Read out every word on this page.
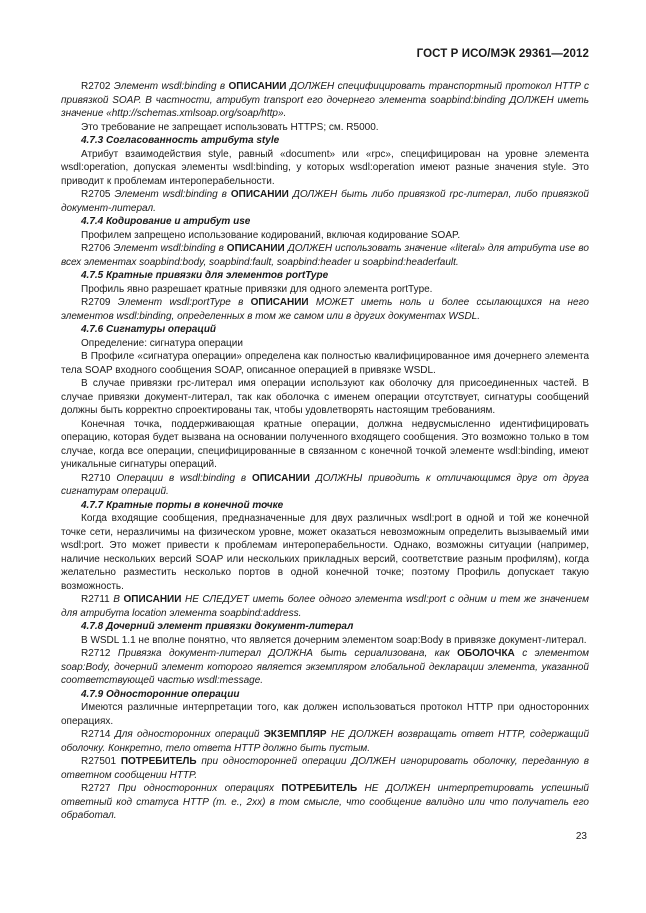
ГОСТ Р ИСО/МЭК 29361—2012
R2702 Элемент wsdl:binding в ОПИСАНИИ ДОЛЖЕН специфицировать транспортный протокол HTTP с привязкой SOAP. В частности, атрибут transport его дочернего элемента soapbind:binding ДОЛЖЕН иметь значение «http://schemas.xmlsoap.org/soap/http».
Это требование не запрещает использовать HTTPS; см. R5000.
4.7.3 Согласованность атрибута style
Атрибут взаимодействия style, равный «document» или «rpc», специфицирован на уровне элемента wsdl:operation, допуская элементы wsdl:binding, у которых wsdl:operation имеют разные значения style. Это приводит к проблемам интероперабельности.
R2705 Элемент wsdl:binding в ОПИСАНИИ ДОЛЖЕН быть либо привязкой rpc-литерал, либо привязкой документ-литерал.
4.7.4 Кодирование и атрибут use
Профилем запрещено использование кодирований, включая кодирование SOAP.
R2706 Элемент wsdl:binding в ОПИСАНИИ ДОЛЖЕН использовать значение «literal» для атрибута use во всех элементах soapbind:body, soapbind:fault, soapbind:header и soapbind:headerfault.
4.7.5 Кратные привязки для элементов portType
Профиль явно разрешает кратные привязки для одного элемента portType.
R2709 Элемент wsdl:portType в ОПИСАНИИ МОЖЕТ иметь ноль и более ссылающихся на него элементов wsdl:binding, определенных в том же самом или в других документах WSDL.
4.7.6 Сигнатуры операций
Определение: сигнатура операции
В Профиле «сигнатура операции» определена как полностью квалифицированное имя дочернего элемента тела SOAP входного сообщения SOAP, описанное операцией в привязке WSDL.
В случае привязки rpc-литерал имя операции используют как оболочку для присоединенных частей. В случае привязки документ-литерал, так как оболочка с именем операции отсутствует, сигнатуры сообщений должны быть корректно спроектированы так, чтобы удовлетворять настоящим требованиям.
Конечная точка, поддерживающая кратные операции, должна недвусмысленно идентифицировать операцию, которая будет вызвана на основании полученного входящего сообщения. Это возможно только в том случае, когда все операции, специфицированные в связанном с конечной точкой элементе wsdl:binding, имеют уникальные сигнатуры операций.
R2710 Операции в wsdl:binding в ОПИСАНИИ ДОЛЖНЫ приводить к отличающимся друг от друга сигнатурам операций.
4.7.7 Кратные порты в конечной точке
Когда входящие сообщения, предназначенные для двух различных wsdl:port в одной и той же конечной точке сети, неразличимы на физическом уровне, может оказаться невозможным определить вызываемый ими wsdl:port. Это может привести к проблемам интероперабельности. Однако, возможны ситуации (например, наличие нескольких версий SOAP или нескольких прикладных версий, соответствие разным профилям), когда желательно разместить несколько портов в одной конечной точке; поэтому Профиль допускает такую возможность.
R2711 В ОПИСАНИИ НЕ СЛЕДУЕТ иметь более одного элемента wsdl:port с одним и тем же значением для атрибута location элемента soapbind:address.
4.7.8 Дочерний элемент привязки документ-литерал
В WSDL 1.1 не вполне понятно, что является дочерним элементом soap:Body в привязке документ-литерал.
R2712 Привязка документ-литерал ДОЛЖНА быть сериализована, как ОБОЛОЧКА с элементом soap:Body, дочерний элемент которого является экземпляром глобальной декларации элемента, указанной соответствующей частью wsdl:message.
4.7.9 Односторонние операции
Имеются различные интерпретации того, как должен использоваться протокол HTTP при односторонних операциях.
R2714 Для односторонних операций ЭКЗЕМПЛЯР НЕ ДОЛЖЕН возвращать ответ HTTP, содержащий оболочку. Конкретно, тело ответа HTTP должно быть пустым.
R27501 ПОТРЕБИТЕЛЬ при односторонней операции ДОЛЖЕН игнорировать оболочку, переданную в ответном сообщении HTTP.
R2727 При односторонних операциях ПОТРЕБИТЕЛЬ НЕ ДОЛЖЕН интерпретировать успешный ответный код статуса HTTP (т. е., 2xx) в том смысле, что сообщение валидно или что получатель его обработал.
23
